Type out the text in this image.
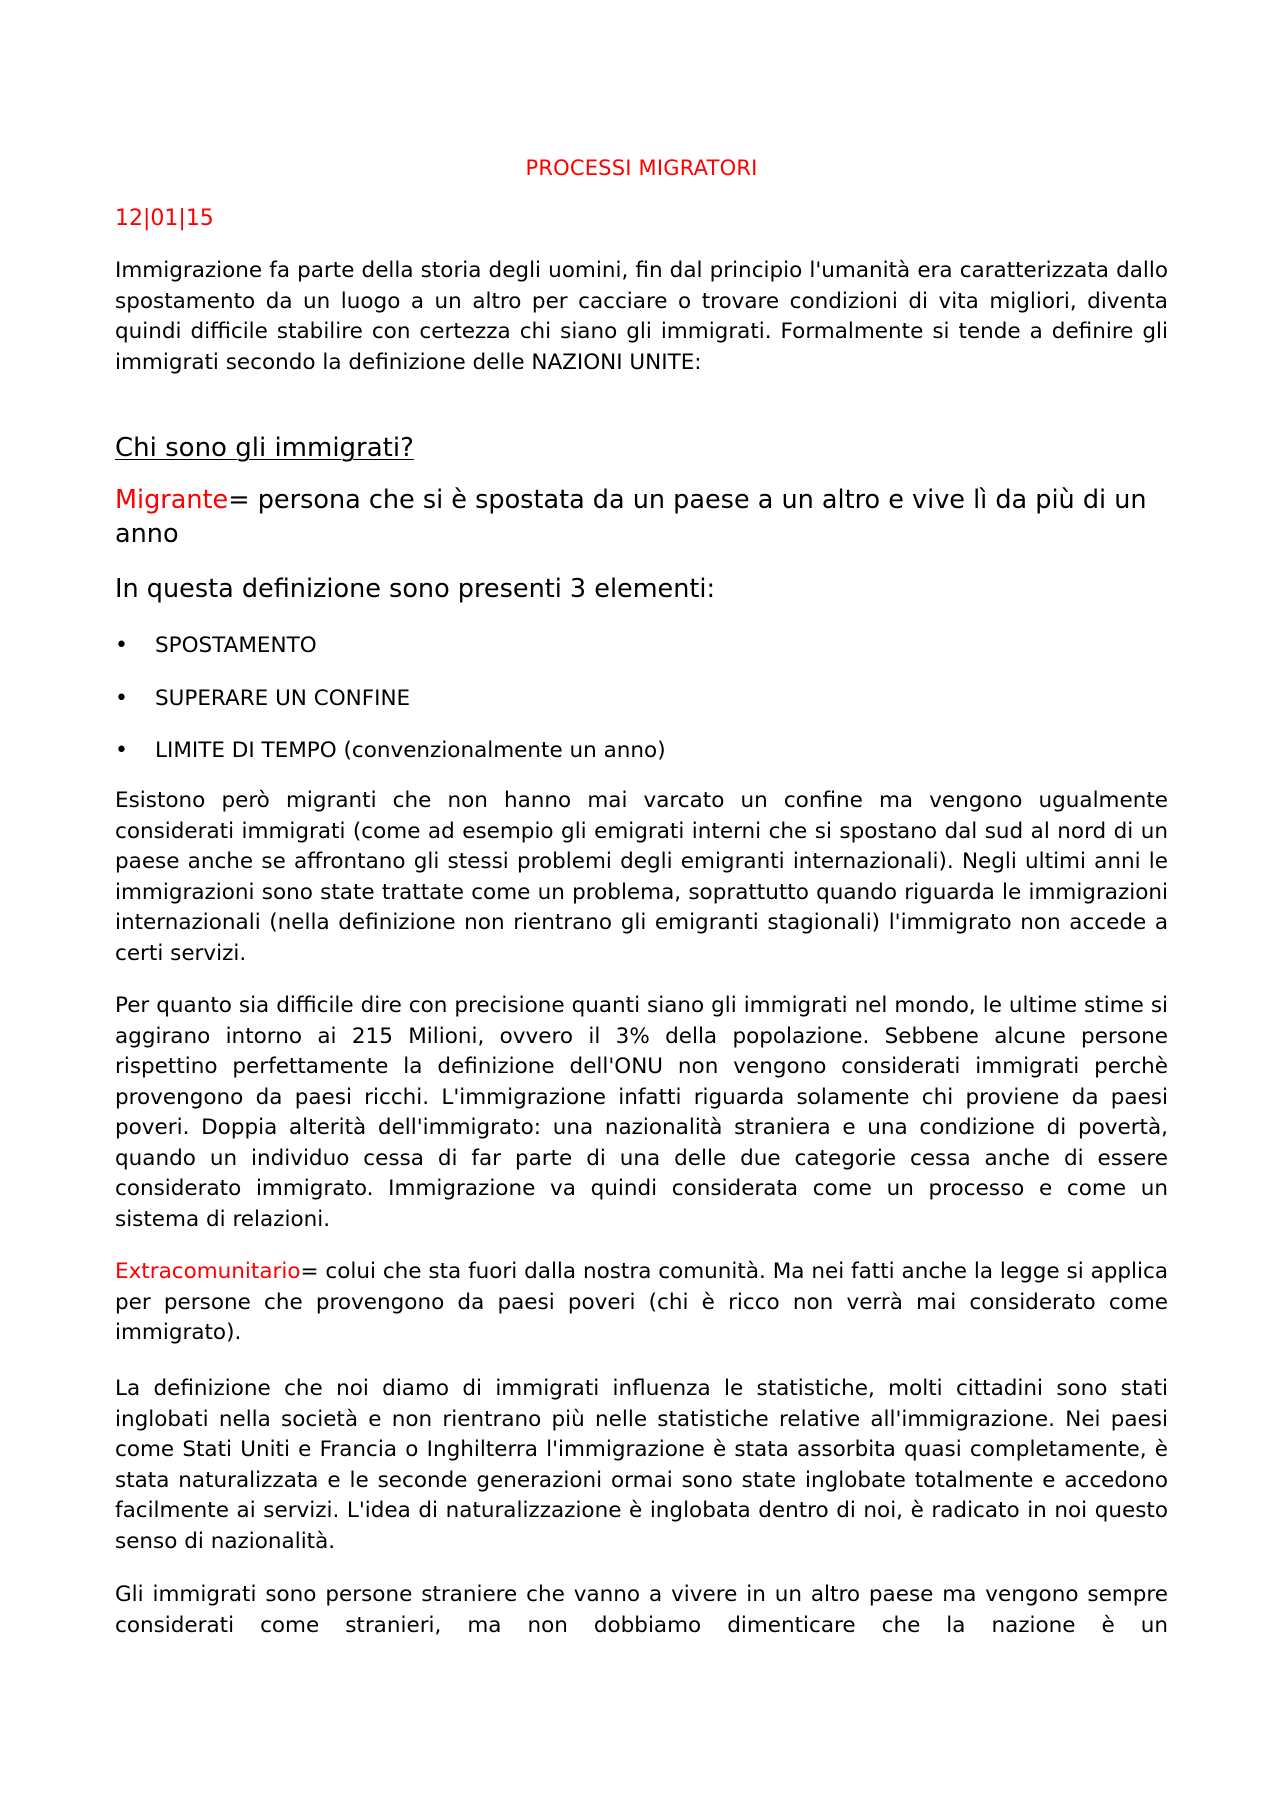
PROCESSI MIGRATORI
12|01|15

Immigrazione fa parte della storia degli uomini, fin dal principio l'umanità era caratterizzata dallo spostamento da un luogo a un altro per cacciare o trovare condizioni di vita migliori, diventa quindi difficile stabilire con certezza chi siano gli immigrati. Formalmente si tende a definire gli immigrati secondo la definizione delle NAZIONI UNITE:

Chi sono gli immigrati?

Migrante= persona che si è spostata da un paese a un altro e vive lì da più di un anno

In questa definizione sono presenti 3 elementi:

• SPOSTAMENTO
• SUPERARE UN CONFINE
• LIMITE DI TEMPO (convenzionalmente un anno)

Esistono però migranti che non hanno mai varcato un confine ma vengono ugualmente considerati immigrati (come ad esempio gli emigrati interni che si spostano dal sud al nord di un paese anche se affrontano gli stessi problemi degli emigranti internazionali). Negli ultimi anni le immigrazioni sono state trattate come un problema, soprattutto quando riguarda le immigrazioni internazionali (nella definizione non rientrano gli emigranti stagionali) l'immigrato non accede a certi servizi.

Per quanto sia difficile dire con precisione quanti siano gli immigrati nel mondo, le ultime stime si aggirano intorno ai 215 Milioni, ovvero il 3% della popolazione. Sebbene alcune persone rispettino perfettamente la definizione dell'ONU non vengono considerati immigrati perchè provengono da paesi ricchi. L'immigrazione infatti riguarda solamente chi proviene da paesi poveri. Doppia alterità dell'immigrato: una nazionalità straniera e una condizione di povertà, quando un individuo cessa di far parte di una delle due categorie cessa anche di essere considerato immigrato. Immigrazione va quindi considerata come un processo e come un sistema di relazioni.

Extracomunitario= colui che sta fuori dalla nostra comunità. Ma nei fatti anche la legge si applica per persone che provengono da paesi poveri (chi è ricco non verrà mai considerato come immigrato).

La definizione che noi diamo di immigrati influenza le statistiche, molti cittadini sono stati inglobati nella società e non rientrano più nelle statistiche relative all'immigrazione. Nei paesi come Stati Uniti e Francia o Inghilterra l'immigrazione è stata assorbita quasi completamente, è stata naturalizzata e le seconde generazioni ormai sono state inglobate totalmente e accedono facilmente ai servizi. L'idea di naturalizzazione è inglobata dentro di noi, è radicato in noi questo senso di nazionalità.

Gli immigrati sono persone straniere che vanno a vivere in un altro paese ma vengono sempre considerati come stranieri, ma non dobbiamo dimenticare che la nazione è un
